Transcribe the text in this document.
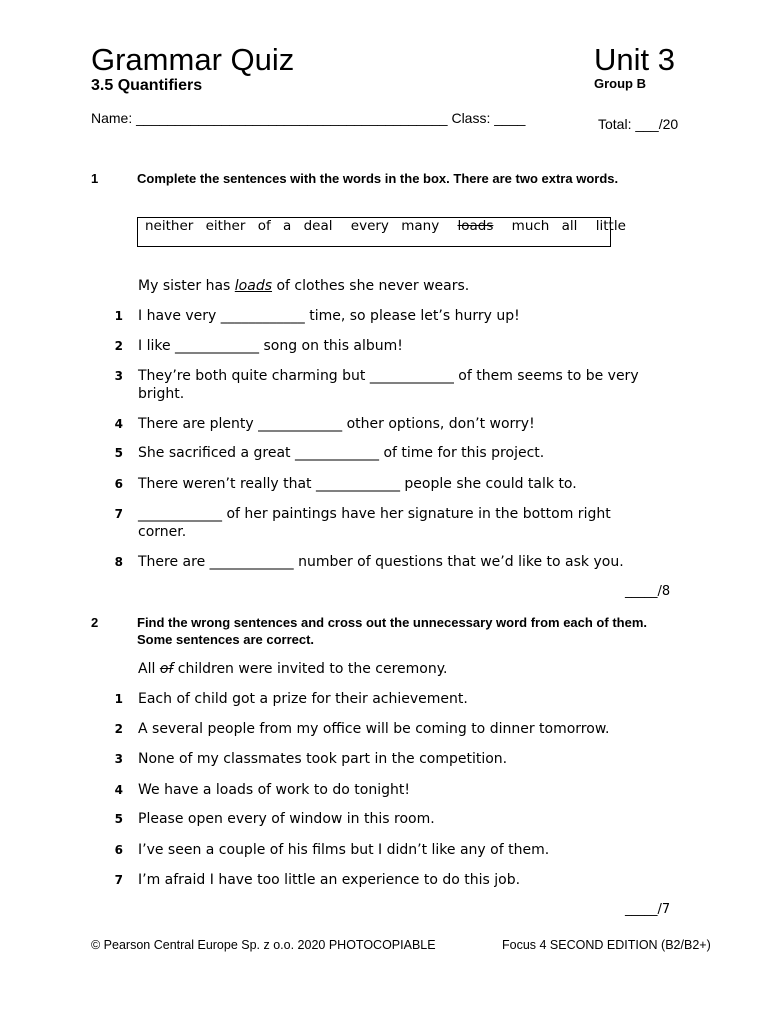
Grammar Quiz
3.5 Quantifiers
Unit 3
Group B
Name: ________________________________________ Class: ____	Total: ___/20
1	Complete the sentences with the words in the box. There are two extra words.
neither either of a deal every many loads much all little
My sister has loads of clothes she never wears.
1 I have very ____________ time, so please let’s hurry up!
2 I like ____________ song on this album!
3 They’re both quite charming but ____________ of them seems to be very bright.
4 There are plenty ____________ other options, don’t worry!
5 She sacrificed a great ____________ of time for this project.
6 There weren’t really that ____________ people she could talk to.
7 ____________ of her paintings have her signature in the bottom right corner.
8 There are ____________ number of questions that we’d like to ask you.
_____/8
2	Find the wrong sentences and cross out the unnecessary word from each of them. Some sentences are correct.
All of children were invited to the ceremony.
1 Each of child got a prize for their achievement.
2 A several people from my office will be coming to dinner tomorrow.
3 None of my classmates took part in the competition.
4 We have a loads of work to do tonight!
5 Please open every of window in this room.
6 I’ve seen a couple of his films but I didn’t like any of them.
7 I’m afraid I have too little an experience to do this job.
_____/7
© Pearson Central Europe Sp. z o.o. 2020 PHOTOCOPIABLE	Focus 4 SECOND EDITION (B2/B2+)
